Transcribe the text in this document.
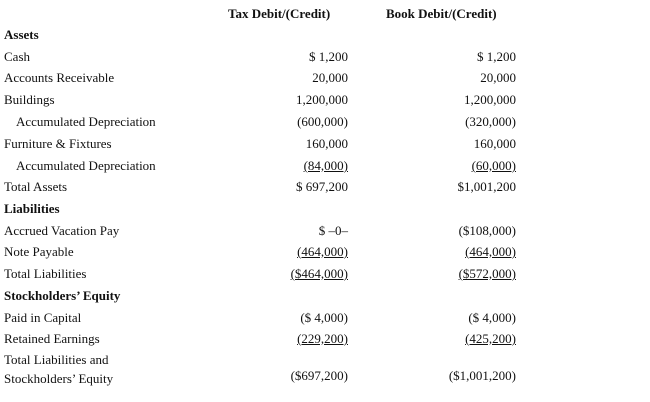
Tax Debit/(Credit)	Book Debit/(Credit)
Assets
Cash	$ 1,200	$ 1,200
Accounts Receivable	20,000	20,000
Buildings	1,200,000	1,200,000
Accumulated Depreciation	(600,000)	(320,000)
Furniture & Fixtures	160,000	160,000
Accumulated Depreciation	(84,000)	(60,000)
Total Assets	$ 697,200	$1,001,200
Liabilities
Accrued Vacation Pay	$ –0–	($108,000)
Note Payable	(464,000)	(464,000)
Total Liabilities	($464,000)	($572,000)
Stockholders’ Equity
Paid in Capital	($ 4,000)	($ 4,000)
Retained Earnings	(229,200)	(425,200)
Total Liabilities and
Stockholders’ Equity	($697,200)	($1,001,200)
